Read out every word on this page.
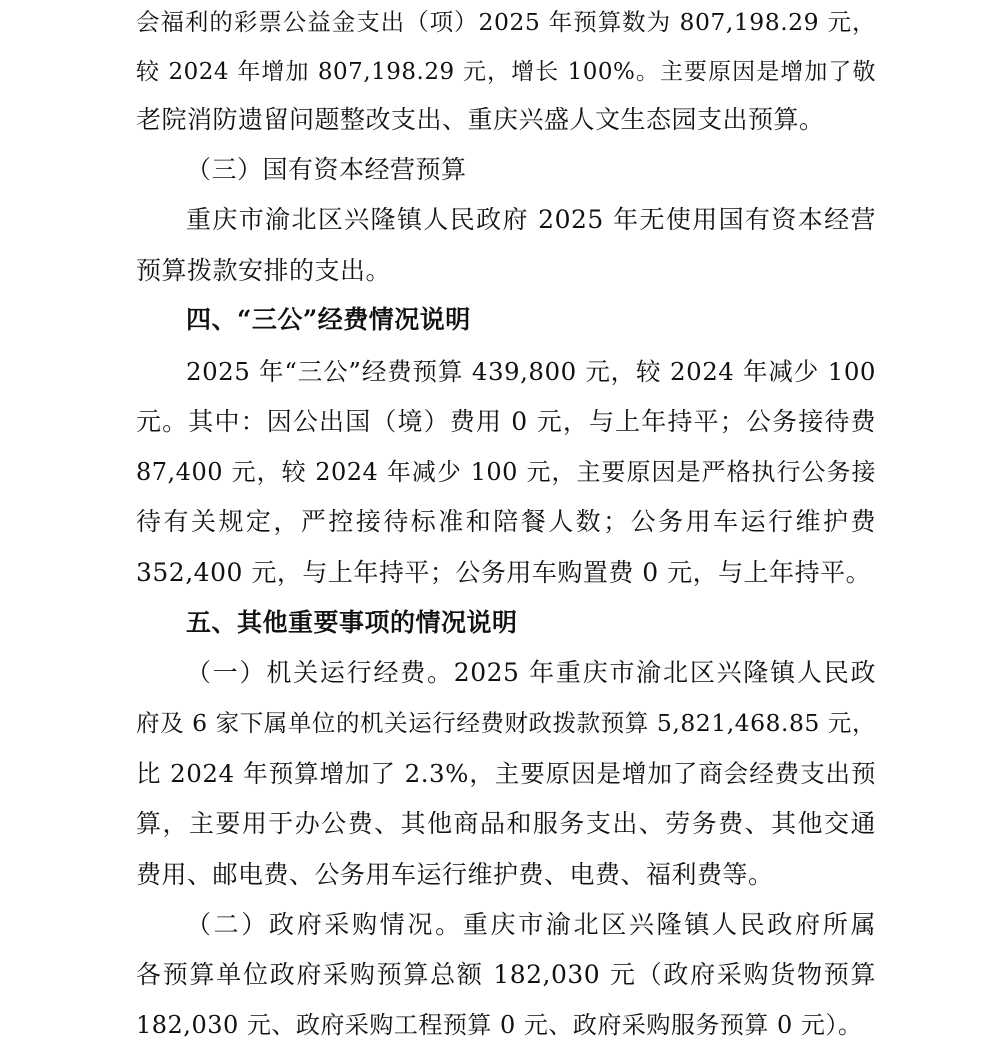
会福利的彩票公益金支出（项）2025 年预算数为 807,198.29 元，
较 2024 年增加 807,198.29 元，增长 100%。主要原因是增加了敬
老院消防遗留问题整改支出、重庆兴盛人文生态园支出预算。
（三）国有资本经营预算
重庆市渝北区兴隆镇人民政府 2025 年无使用国有资本经营
预算拨款安排的支出。
四、“三公”经费情况说明
2025 年“三公”经费预算 439,800 元，较 2024 年减少 100
元。其中：因公出国（境）费用 0 元，与上年持平；公务接待费
87,400 元，较 2024 年减少 100 元，主要原因是严格执行公务接
待有关规定，严控接待标准和陪餐人数；公务用车运行维护费
352,400 元，与上年持平；公务用车购置费 0 元，与上年持平。
五、其他重要事项的情况说明
（一）机关运行经费。2025 年重庆市渝北区兴隆镇人民政
府及 6 家下属单位的机关运行经费财政拨款预算 5,821,468.85 元，
比 2024 年预算增加了 2.3%，主要原因是增加了商会经费支出预
算，主要用于办公费、其他商品和服务支出、劳务费、其他交通
费用、邮电费、公务用车运行维护费、电费、福利费等。
（二）政府采购情况。重庆市渝北区兴隆镇人民政府所属
各预算单位政府采购预算总额 182,030 元（政府采购货物预算
182,030 元、政府采购工程预算 0 元、政府采购服务预算 0 元）。
